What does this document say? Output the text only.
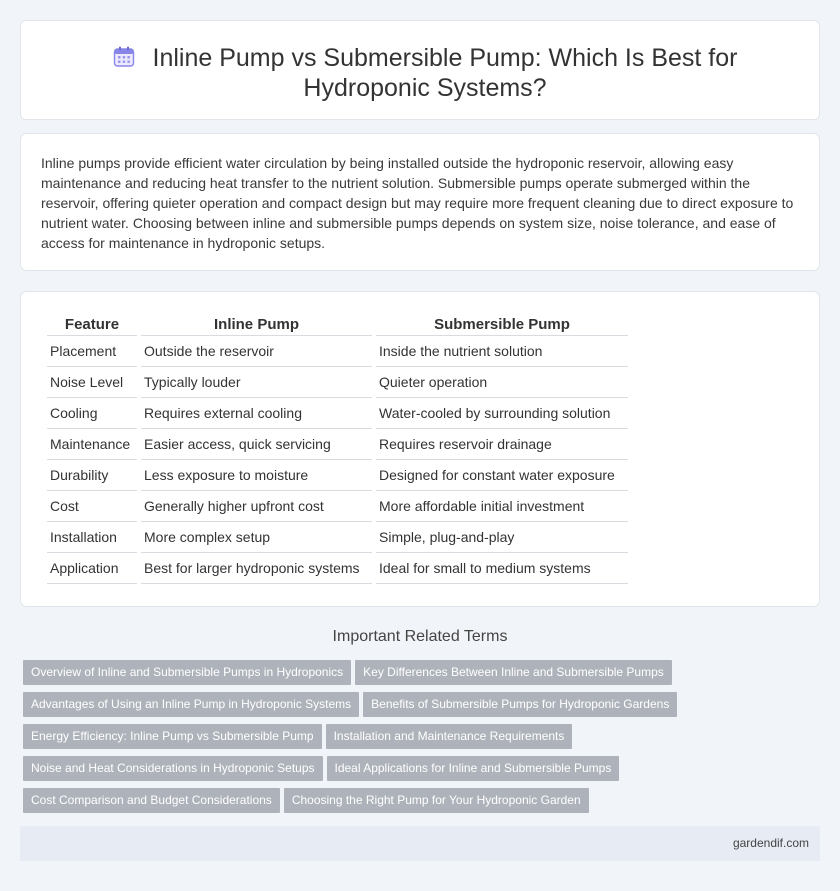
Inline Pump vs Submersible Pump: Which Is Best for Hydroponic Systems?

Inline pumps provide efficient water circulation by being installed outside the hydroponic reservoir, allowing easy maintenance and reducing heat transfer to the nutrient solution. Submersible pumps operate submerged within the reservoir, offering quieter operation and compact design but may require more frequent cleaning due to direct exposure to nutrient water. Choosing between inline and submersible pumps depends on system size, noise tolerance, and ease of access for maintenance in hydroponic setups.

Feature	Inline Pump	Submersible Pump
Placement	Outside the reservoir	Inside the nutrient solution
Noise Level	Typically louder	Quieter operation
Cooling	Requires external cooling	Water-cooled by surrounding solution
Maintenance	Easier access, quick servicing	Requires reservoir drainage
Durability	Less exposure to moisture	Designed for constant water exposure
Cost	Generally higher upfront cost	More affordable initial investment
Installation	More complex setup	Simple, plug-and-play
Application	Best for larger hydroponic systems	Ideal for small to medium systems
Important Related Terms
Overview of Inline and Submersible Pumps in Hydroponics Key Differences Between Inline and Submersible Pumps
Advantages of Using an Inline Pump in Hydroponic Systems Benefits of Submersible Pumps for Hydroponic Gardens
Energy Efficiency: Inline Pump vs Submersible Pump Installation and Maintenance Requirements
Noise and Heat Considerations in Hydroponic Setups Ideal Applications for Inline and Submersible Pumps
Cost Comparison and Budget Considerations Choosing the Right Pump for Your Hydroponic Garden
gardendif.com
